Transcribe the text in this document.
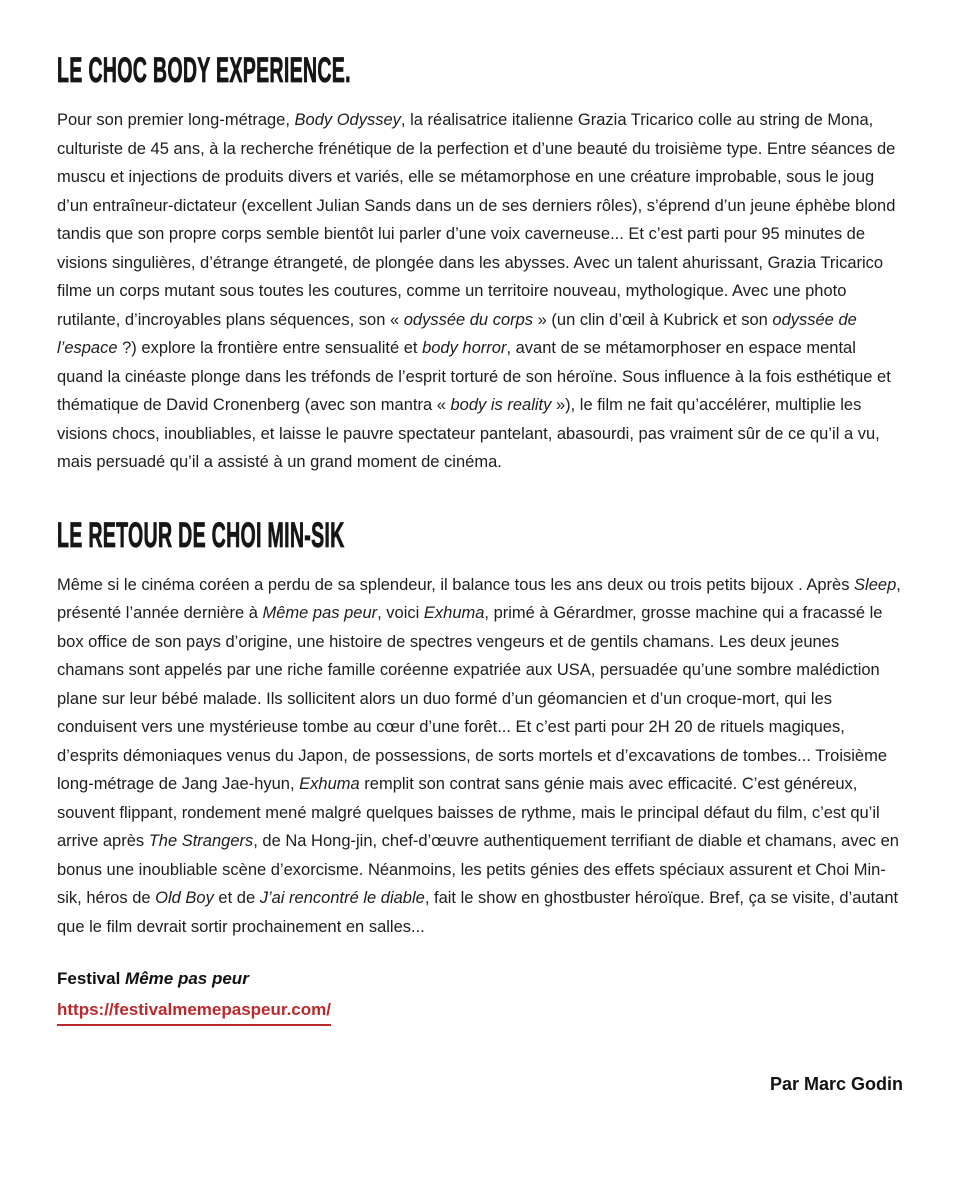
LE CHOC BODY EXPERIENCE.

Pour son premier long-métrage, Body Odyssey, la réalisatrice italienne Grazia Tricarico colle au string de Mona, culturiste de 45 ans, à la recherche frénétique de la perfection et d’une beauté du troisième type. Entre séances de muscu et injections de produits divers et variés, elle se métamorphose en une créature improbable, sous le joug d’un entraîneur-dictateur (excellent Julian Sands dans un de ses derniers rôles), s’éprend d’un jeune éphèbe blond tandis que son propre corps semble bientôt lui parler d’une voix caverneuse... Et c’est parti pour 95 minutes de visions singulières, d’étrange étrangeté, de plongée dans les abysses. Avec un talent ahurissant, Grazia Tricarico filme un corps mutant sous toutes les coutures, comme un territoire nouveau, mythologique. Avec une photo rutilante, d’incroyables plans séquences, son « odyssée du corps » (un clin d’œil à Kubrick et son odyssée de l’espace ?) explore la frontière entre sensualité et body horror, avant de se métamorphoser en espace mental quand la cinéaste plonge dans les tréfonds de l’esprit torturé de son héroïne. Sous influence à la fois esthétique et thématique de David Cronenberg (avec son mantra « body is reality »), le film ne fait qu’accélérer, multiplie les visions chocs, inoubliables, et laisse le pauvre spectateur pantelant, abasourdi, pas vraiment sûr de ce qu’il a vu, mais persuadé qu’il a assisté à un grand moment de cinéma.

LE RETOUR DE CHOI MIN-SIK

Même si le cinéma coréen a perdu de sa splendeur, il balance tous les ans deux ou trois petits bijoux . Après Sleep, présenté l’année dernière à Même pas peur, voici Exhuma, primé à Gérardmer, grosse machine qui a fracassé le box office de son pays d’origine, une histoire de spectres vengeurs et de gentils chamans. Les deux jeunes chamans sont appelés par une riche famille coréenne expatriée aux USA, persuadée qu’une sombre malédiction plane sur leur bébé malade. Ils sollicitent alors un duo formé d’un géomancien et d’un croque-mort, qui les conduisent vers une mystérieuse tombe au cœur d’une forêt... Et c’est parti pour 2H 20 de rituels magiques, d’esprits démoniaques venus du Japon, de possessions, de sorts mortels et d’excavations de tombes... Troisième long-métrage de Jang Jae-hyun, Exhuma remplit son contrat sans génie mais avec efficacité. C’est généreux, souvent flippant, rondement mené malgré quelques baisses de rythme, mais le principal défaut du film, c’est qu’il arrive après The Strangers, de Na Hong-jin, chef-d’œuvre authentiquement terrifiant de diable et chamans, avec en bonus une inoubliable scène d’exorcisme. Néanmoins, les petits génies des effets spéciaux assurent et Choi Min-sik, héros de Old Boy et de J’ai rencontré le diable, fait le show en ghostbuster héroïque. Bref, ça se visite, d’autant que le film devrait sortir prochainement en salles...

Festival Même pas peur
https://festivalmemepaspeur.com/
Par Marc Godin
